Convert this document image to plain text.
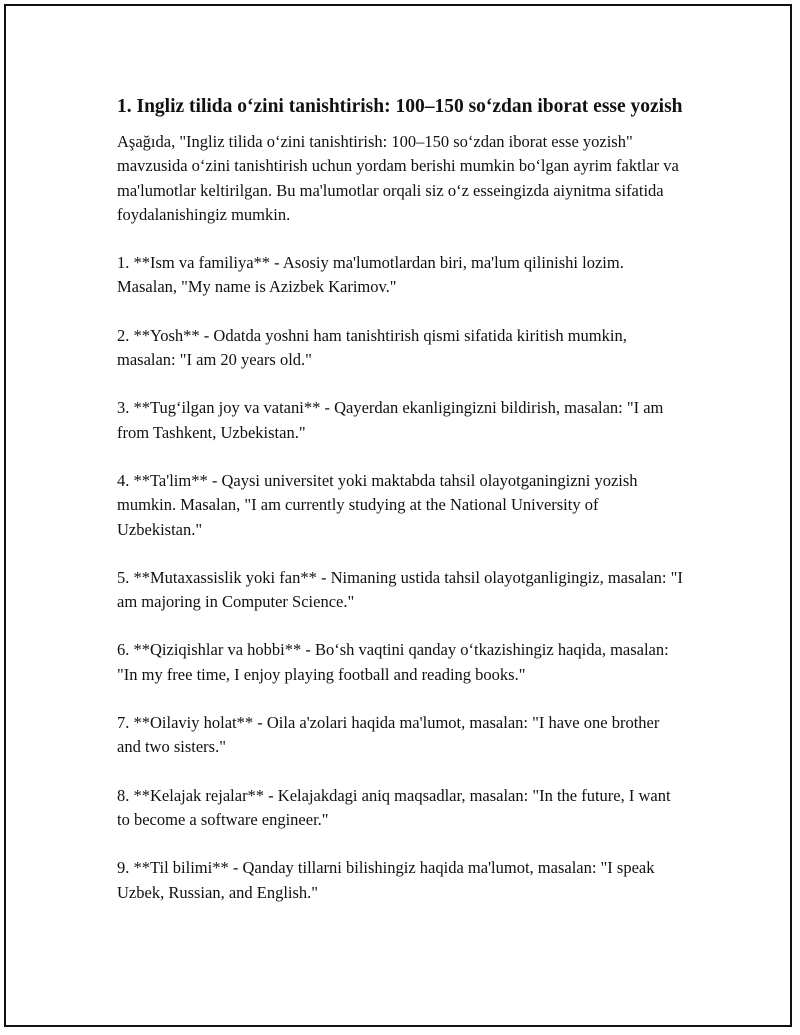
1. Ingliz tilida o‘zini tanishtirish: 100–150 so‘zdan iborat esse yozish

Aşağıda, "Ingliz tilida o‘zini tanishtirish: 100–150 so‘zdan iborat esse yozish" mavzusida o‘zini tanishtirish uchun yordam berishi mumkin bo‘lgan ayrim faktlar va ma'lumotlar keltirilgan. Bu ma'lumotlar orqali siz o‘z esseingizda aiynitma sifatida foydalanishingiz mumkin.

1. **Ism va familiya** - Asosiy ma'lumotlardan biri, ma'lum qilinishi lozim. Masalan, "My name is Azizbek Karimov."
2. **Yosh** - Odatda yoshni ham tanishtirish qismi sifatida kiritish mumkin, masalan: "I am 20 years old."
3. **Tug‘ilgan joy va vatani** - Qayerdan ekanligingizni bildirish, masalan: "I am from Tashkent, Uzbekistan."
4. **Ta'lim** - Qaysi universitet yoki maktabda tahsil olayotganingizni yozish mumkin. Masalan, "I am currently studying at the National University of Uzbekistan."
5. **Mutaxassislik yoki fan** - Nimaning ustida tahsil olayotganligingiz, masalan: "I am majoring in Computer Science."
6. **Qiziqishlar va hobbi** - Bo‘sh vaqtini qanday o‘tkazishingiz haqida, masalan: "In my free time, I enjoy playing football and reading books."
7. **Oilaviy holat** - Oila a'zolari haqida ma'lumot, masalan: "I have one brother and two sisters."
8. **Kelajak rejalar** - Kelajakdagi aniq maqsadlar, masalan: "In the future, I want to become a software engineer."
9. **Til bilimi** - Qanday tillarni bilishingiz haqida ma'lumot, masalan: "I speak Uzbek, Russian, and English."
